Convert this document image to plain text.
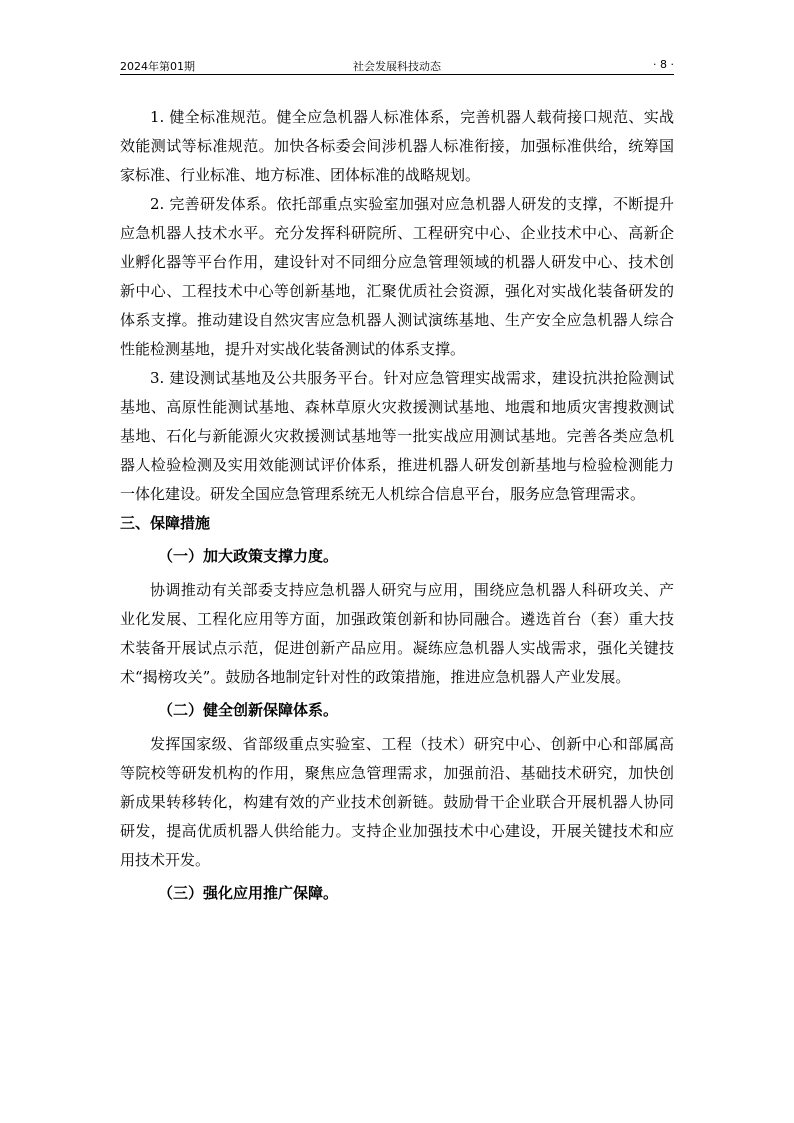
2024年第01期	社会发展科技动态	· 8 ·

1. 健全标准规范。健全应急机器人标准体系，完善机器人载荷接口规范、实战效能测试等标准规范。加快各标委会间涉机器人标准衔接，加强标准供给，统筹国家标准、行业标准、地方标准、团体标准的战略规划。

2. 完善研发体系。依托部重点实验室加强对应急机器人研发的支撑，不断提升应急机器人技术水平。充分发挥科研院所、工程研究中心、企业技术中心、高新企业孵化器等平台作用，建设针对不同细分应急管理领域的机器人研发中心、技术创新中心、工程技术中心等创新基地，汇聚优质社会资源，强化对实战化装备研发的体系支撑。推动建设自然灾害应急机器人测试演练基地、生产安全应急机器人综合性能检测基地，提升对实战化装备测试的体系支撑。

3. 建设测试基地及公共服务平台。针对应急管理实战需求，建设抗洪抢险测试基地、高原性能测试基地、森林草原火灾救援测试基地、地震和地质灾害搜救测试基地、石化与新能源火灾救援测试基地等一批实战应用测试基地。完善各类应急机器人检验检测及实用效能测试评价体系，推进机器人研发创新基地与检验检测能力一体化建设。研发全国应急管理系统无人机综合信息平台，服务应急管理需求。

三、保障措施
（一）加大政策支撑力度。

协调推动有关部委支持应急机器人研究与应用，围绕应急机器人科研攻关、产业化发展、工程化应用等方面，加强政策创新和协同融合。遴选首台（套）重大技术装备开展试点示范，促进创新产品应用。凝练应急机器人实战需求，强化关键技术“揭榜攻关”。鼓励各地制定针对性的政策措施，推进应急机器人产业发展。

（二）健全创新保障体系。

发挥国家级、省部级重点实验室、工程（技术）研究中心、创新中心和部属高等院校等研发机构的作用，聚焦应急管理需求，加强前沿、基础技术研究，加快创新成果转移转化，构建有效的产业技术创新链。鼓励骨干企业联合开展机器人协同研发，提高优质机器人供给能力。支持企业加强技术中心建设，开展关键技术和应用技术开发。

（三）强化应用推广保障。
